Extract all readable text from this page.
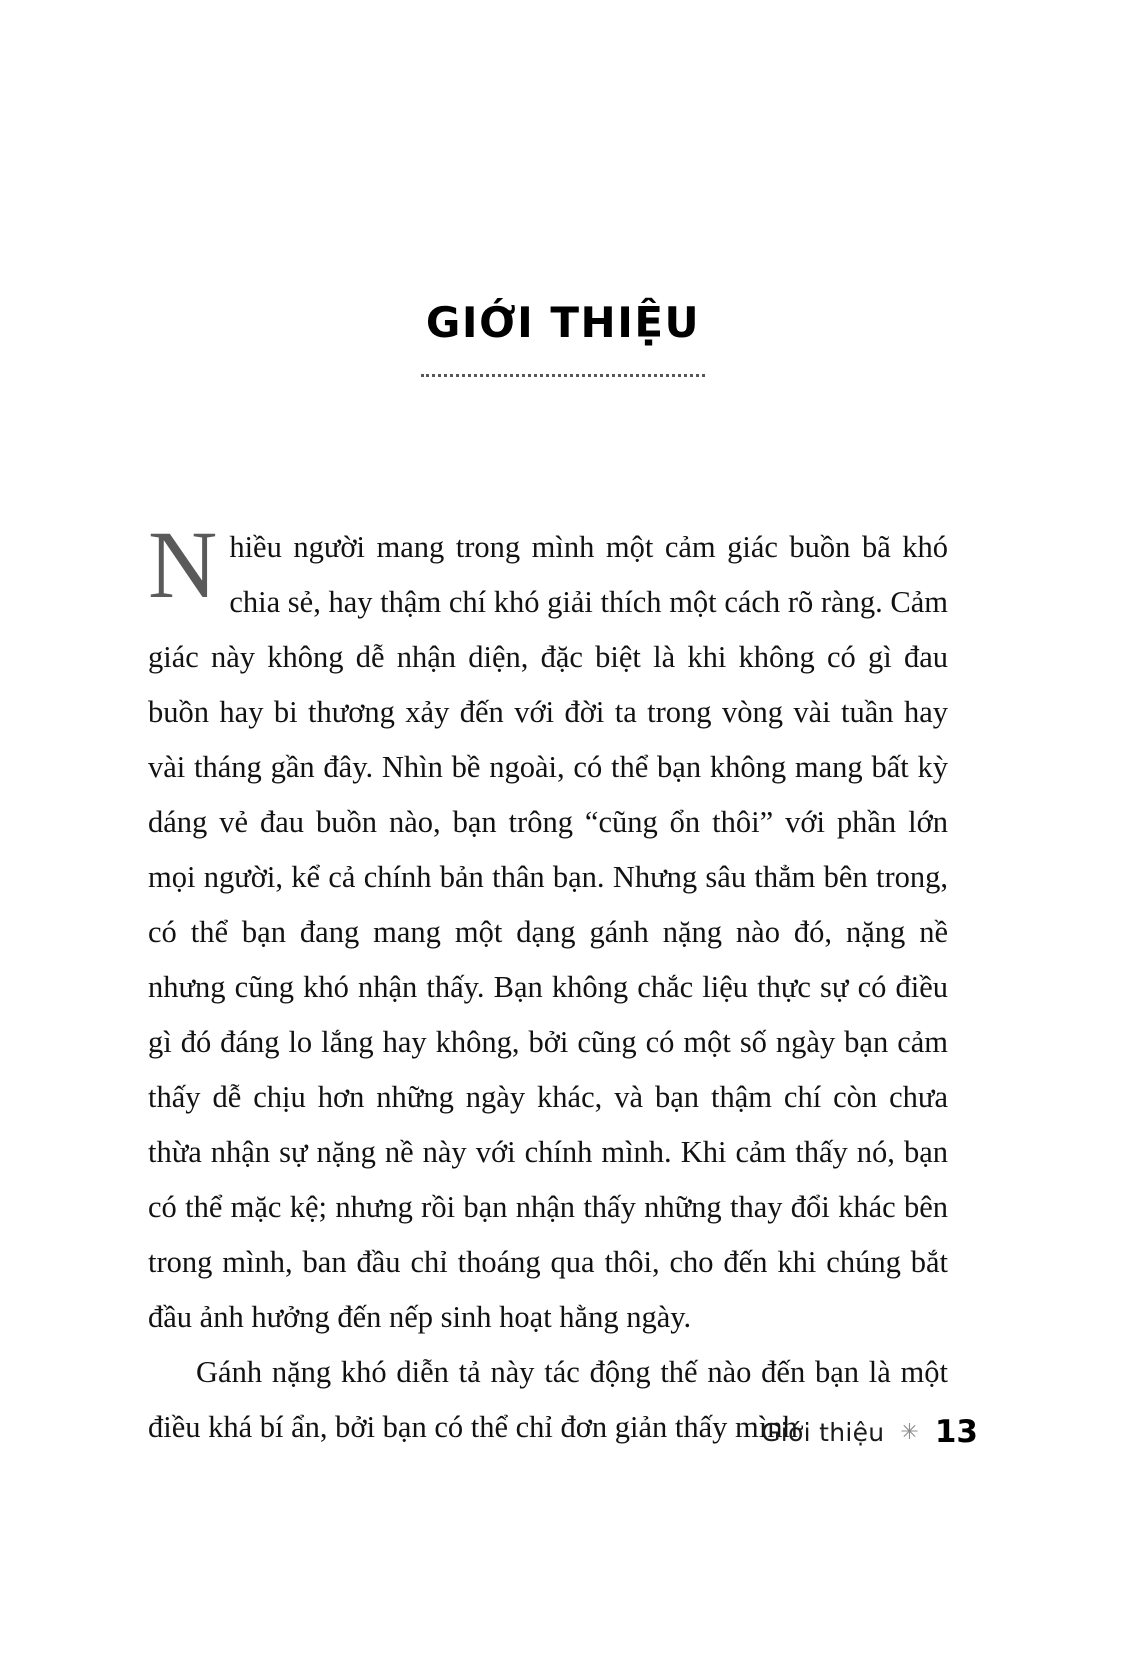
GIỚI THIỆU

Nhiều người mang trong mình một cảm giác buồn bã khó chia sẻ, hay thậm chí khó giải thích một cách rõ ràng. Cảm giác này không dễ nhận diện, đặc biệt là khi không có gì đau buồn hay bi thương xảy đến với đời ta trong vòng vài tuần hay vài tháng gần đây. Nhìn bề ngoài, có thể bạn không mang bất kỳ dáng vẻ đau buồn nào, bạn trông “cũng ổn thôi” với phần lớn mọi người, kể cả chính bản thân bạn. Nhưng sâu thẳm bên trong, có thể bạn đang mang một dạng gánh nặng nào đó, nặng nề nhưng cũng khó nhận thấy. Bạn không chắc liệu thực sự có điều gì đó đáng lo lắng hay không, bởi cũng có một số ngày bạn cảm thấy dễ chịu hơn những ngày khác, và bạn thậm chí còn chưa thừa nhận sự nặng nề này với chính mình. Khi cảm thấy nó, bạn có thể mặc kệ; nhưng rồi bạn nhận thấy những thay đổi khác bên trong mình, ban đầu chỉ thoáng qua thôi, cho đến khi chúng bắt đầu ảnh hưởng đến nếp sinh hoạt hằng ngày.

Gánh nặng khó diễn tả này tác động thế nào đến bạn là một điều khá bí ẩn, bởi bạn có thể chỉ đơn giản thấy mình

Giới thiệu ✳ 13
